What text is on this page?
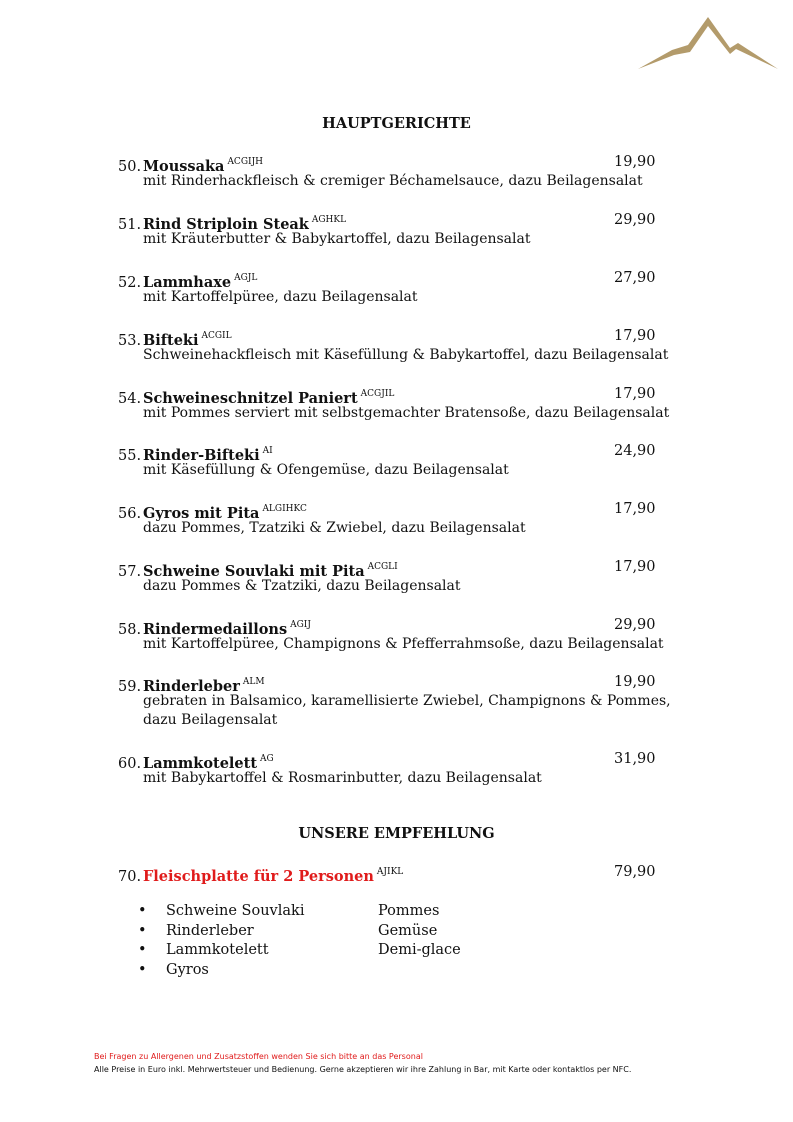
HAUPTGERICHTE
50. Moussaka $^{ACGIJH}$	19,90
mit Rinderhackfleisch & cremiger Béchamelsauce, dazu Beilagensalat
51. Rind Striploin Steak $^{AGHKL}$	29,90
mit Kräuterbutter & Babykartoffel, dazu Beilagensalat
52. Lammhaxe $^{AGJL}$	27,90
mit Kartoffelpüree, dazu Beilagensalat
53. Bifteki $^{ACGIL}$	17,90
Schweinehackfleisch mit Käsefüllung & Babykartoffel, dazu Beilagensalat
54. Schweineschnitzel Paniert $^{ACGJIL}$	17,90
mit Pommes serviert mit selbstgemachter Bratensoße, dazu Beilagensalat
55. Rinder-Bifteki $^{AI}$	24,90
mit Käsefüllung & Ofengemüse, dazu Beilagensalat
56. Gyros mit Pita $^{ALGIHKC}$	17,90
dazu Pommes, Tzatziki & Zwiebel, dazu Beilagensalat
57. Schweine Souvlaki mit Pita $^{ACGLI}$	17,90
dazu Pommes & Tzatziki, dazu Beilagensalat
58. Rindermedaillons $^{AGIJ}$	29,90
mit Kartoffelpüree, Champignons & Pfefferrahmsoße, dazu Beilagensalat
59. Rinderleber $^{ALM}$	19,90
gebraten in Balsamico, karamellisierte Zwiebel, Champignons & Pommes,
dazu Beilagensalat
60. Lammkotelett $^{AG}$	31,90
mit Babykartoffel & Rosmarinbutter, dazu Beilagensalat
UNSERE EMPFEHLUNG
70. Fleischplatte für 2 Personen $^{AJIKL}$	79,90
• Schweine Souvlaki	Pommes
• Rinderleber	Gemüse
• Lammkotelett	Demi-glace
• Gyros
Bei Fragen zu Allergenen und Zusatzstoffen wenden Sie sich bitte an das Personal
Alle Preise in Euro inkl. Mehrwertsteuer und Bedienung. Gerne akzeptieren wir ihre Zahlung in Bar, mit Karte oder kontaktlos per NFC.
